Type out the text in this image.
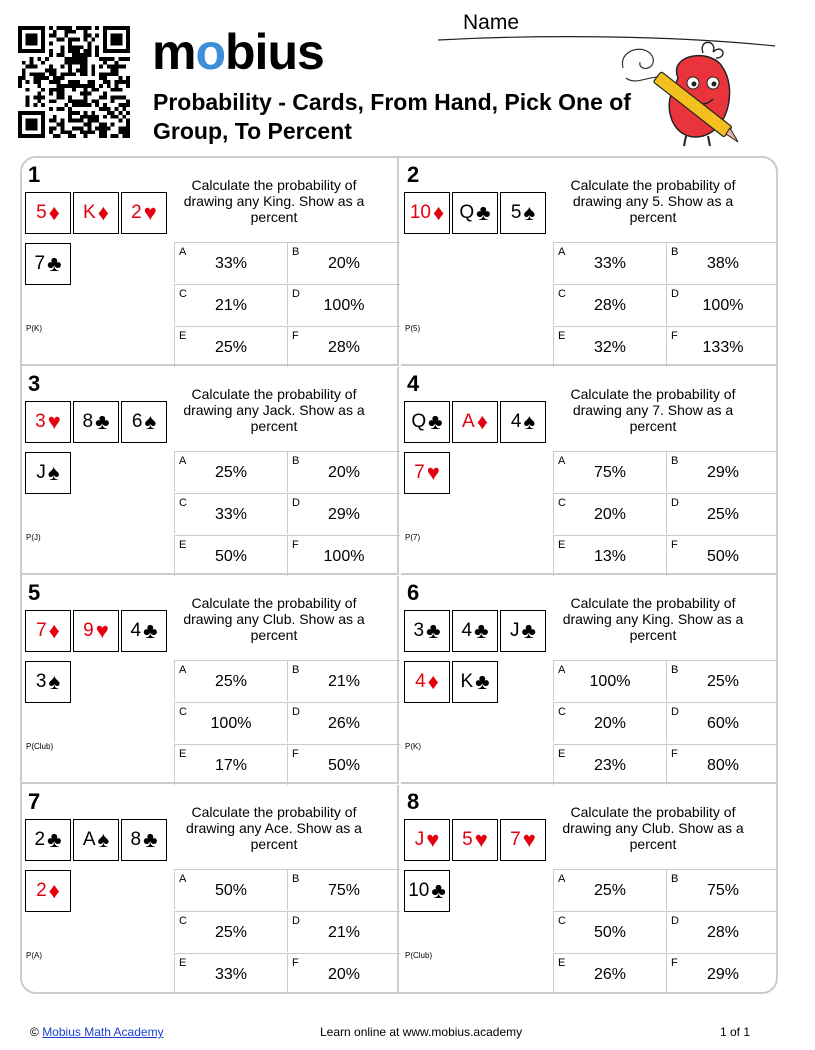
mobius
Name
Probability - Cards, From Hand, Pick One of Group, To Percent
1	Calculate the probability of drawing any King. Show as a percent
5 ♦ K ♦ 2 ♥
7 ♣
P(K)
A
33%
B
20%
C
21%
D
100%
E
25%
F
28%
2	Calculate the probability of drawing any 5. Show as a percent
10 ♦ Q ♣ 5 ♠
P(5)
A
33%
B
38%
C
28%
D
100%
E
32%
F
133%
3	Calculate the probability of drawing any Jack. Show as a percent
3 ♥ 8 ♣ 6 ♠
J ♠
P(J)
A
25%
B
20%
C
33%
D
29%
E
50%
F
100%
4	Calculate the probability of drawing any 7. Show as a percent
Q ♣ A ♦ 4 ♠
7 ♥
P(7)
A
75%
B
29%
C
20%
D
25%
E
13%
F
50%
5	Calculate the probability of drawing any Club. Show as a percent
7 ♦ 9 ♥ 4 ♣
3 ♠
P(Club)
A
25%
B
21%
C
100%
D
26%
E
17%
F
50%
6	Calculate the probability of drawing any King. Show as a percent
3 ♣ 4 ♣ J ♣
4 ♦ K ♣
P(K)
A
100%
B
25%
C
20%
D
60%
E
23%
F
80%
7	Calculate the probability of drawing any Ace. Show as a percent
2 ♣ A ♠ 8 ♣
2 ♦
P(A)
A
50%
B
75%
C
25%
D
21%
E
33%
F
20%
8	Calculate the probability of drawing any Club. Show as a percent
J ♥ 5 ♥ 7 ♥
10 ♣
P(Club)
A
25%
B
75%
C
50%
D
28%
E
26%
F
29%
© Mobius Math Academy	Learn online at www.mobius.academy	1 of 1
